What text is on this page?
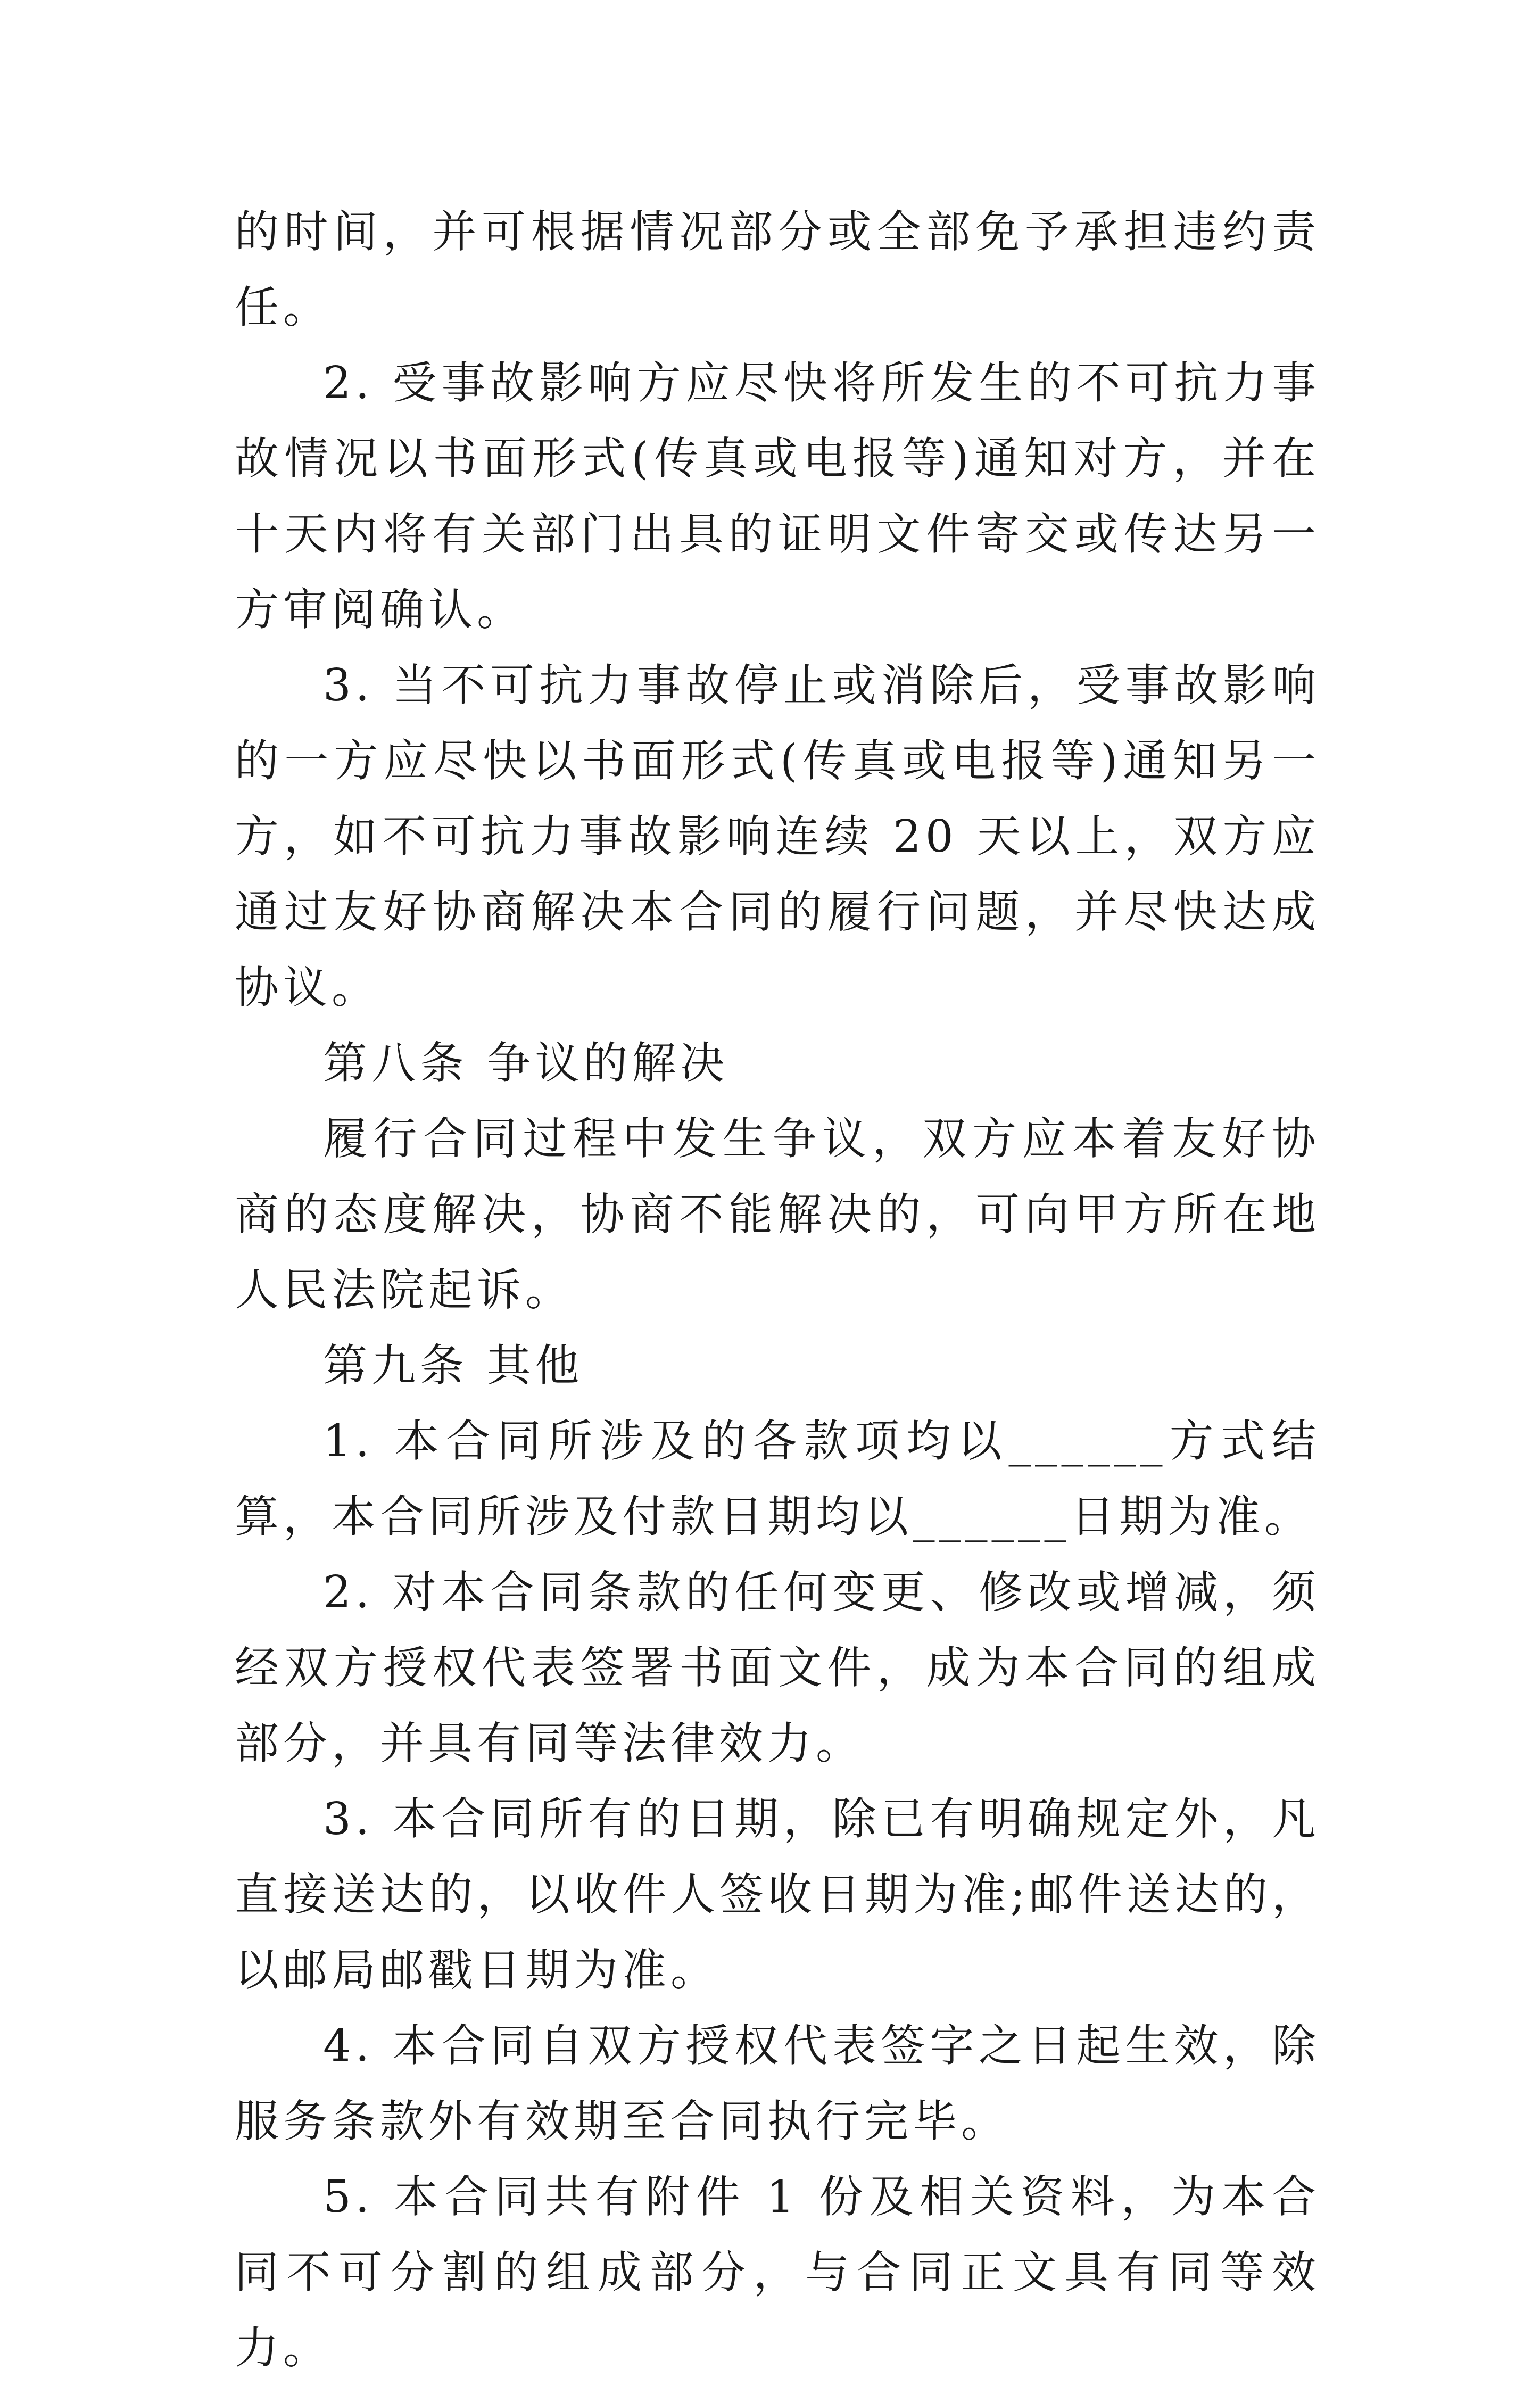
的时间，并可根据情况部分或全部免予承担违约责任。

2. 受事故影响方应尽快将所发生的不可抗力事故情况以书面形式(传真或电报等)通知对方，并在十天内将有关部门出具的证明文件寄交或传达另一方审阅确认。

3. 当不可抗力事故停止或消除后，受事故影响的一方应尽快以书面形式(传真或电报等)通知另一方，如不可抗力事故影响连续 20 天以上，双方应通过友好协商解决本合同的履行问题，并尽快达成协议。

第八条 争议的解决

履行合同过程中发生争议，双方应本着友好协商的态度解决，协商不能解决的，可向甲方所在地人民法院起诉。

第九条 其他

1. 本合同所涉及的各款项均以______方式结算，本合同所涉及付款日期均以______日期为准。

2. 对本合同条款的任何变更、修改或增减，须经双方授权代表签署书面文件，成为本合同的组成部分，并具有同等法律效力。

3. 本合同所有的日期，除已有明确规定外，凡直接送达的，以收件人签收日期为准;邮件送达的，以邮局邮戳日期为准。

4. 本合同自双方授权代表签字之日起生效，除服务条款外有效期至合同执行完毕。

5. 本合同共有附件 1 份及相关资料，为本合同不可分割的组成部分，与合同正文具有同等效力。
